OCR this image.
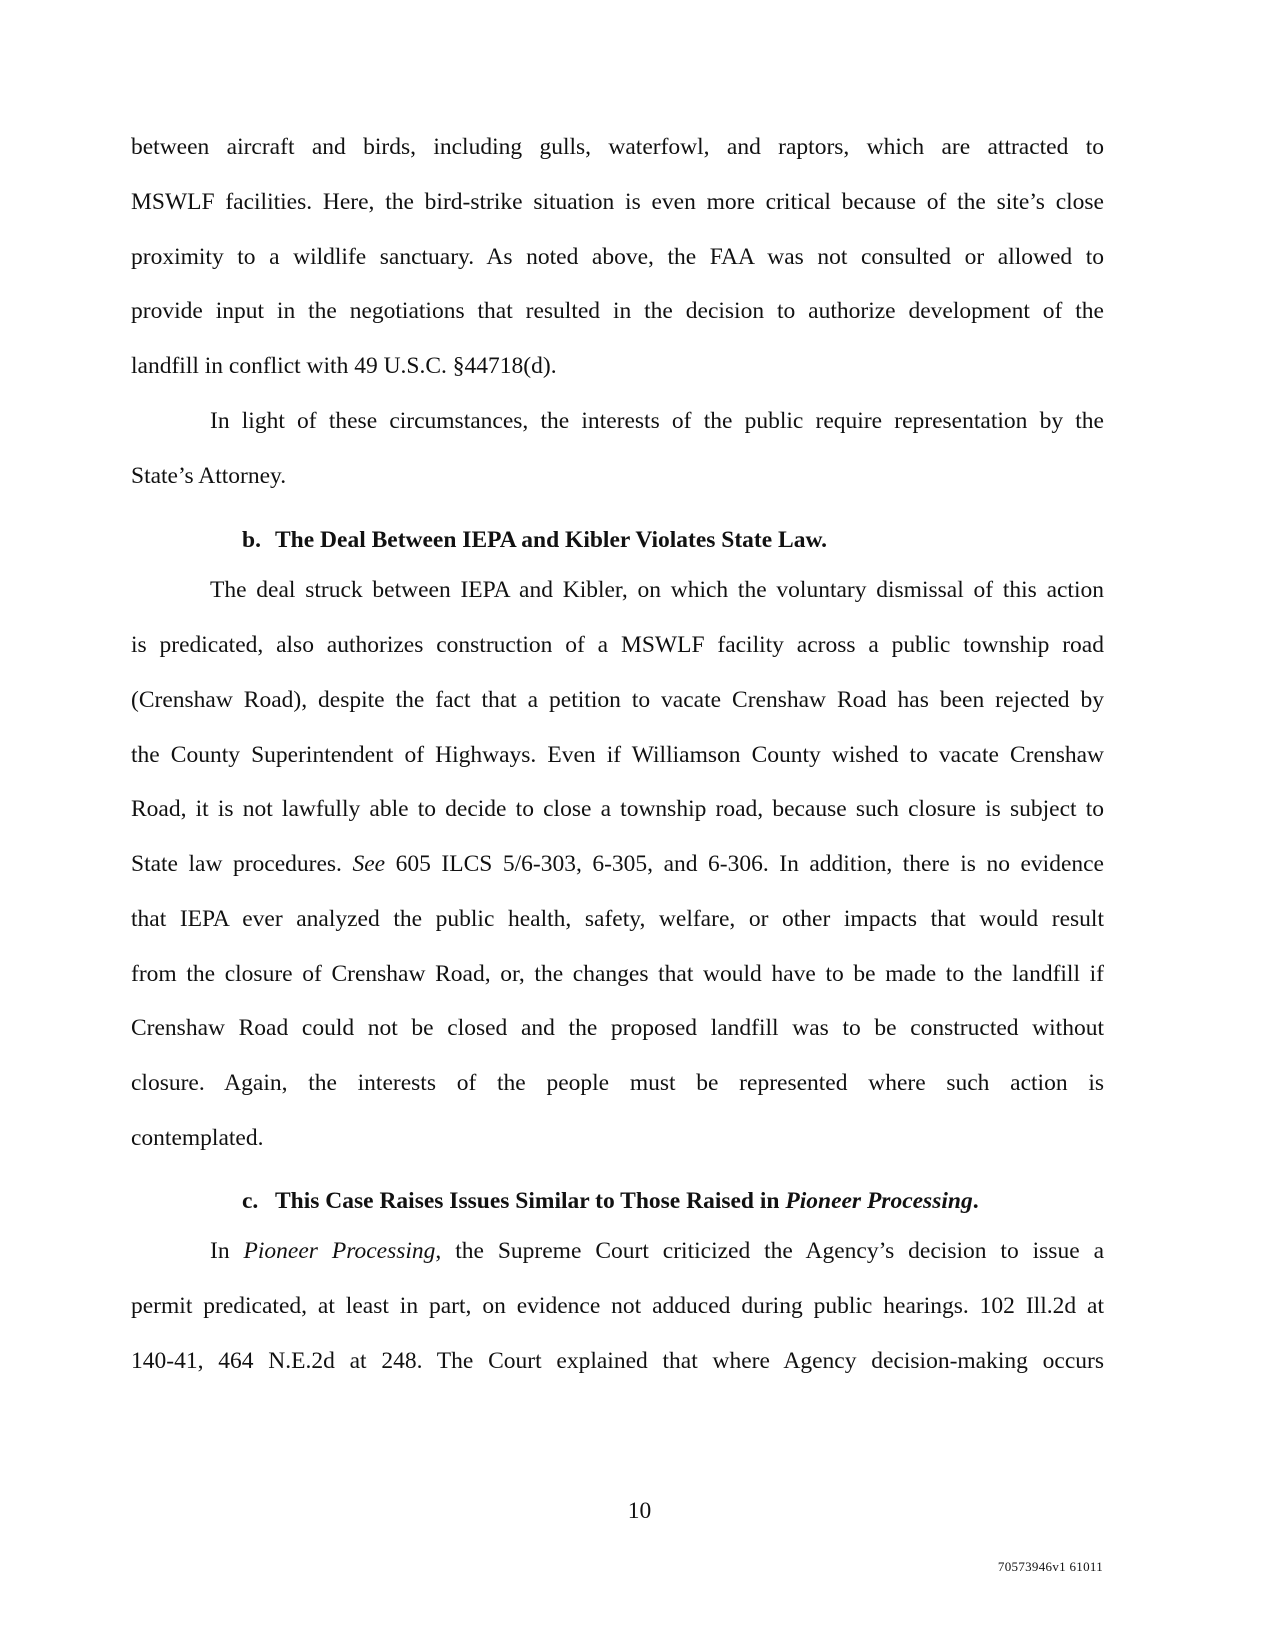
between aircraft and birds, including gulls, waterfowl, and raptors, which are attracted to
MSWLF facilities. Here, the bird-strike situation is even more critical because of the site’s close
proximity to a wildlife sanctuary. As noted above, the FAA was not consulted or allowed to
provide input in the negotiations that resulted in the decision to authorize development of the
landfill in conflict with 49 U.S.C. §44718(d).
In light of these circumstances, the interests of the public require representation by the
State’s Attorney.
b. The Deal Between IEPA and Kibler Violates State Law.
The deal struck between IEPA and Kibler, on which the voluntary dismissal of this action
is predicated, also authorizes construction of a MSWLF facility across a public township road
(Crenshaw Road), despite the fact that a petition to vacate Crenshaw Road has been rejected by
the County Superintendent of Highways. Even if Williamson County wished to vacate Crenshaw
Road, it is not lawfully able to decide to close a township road, because such closure is subject to
State law procedures. See 605 ILCS 5/6-303, 6-305, and 6-306. In addition, there is no evidence
that IEPA ever analyzed the public health, safety, welfare, or other impacts that would result
from the closure of Crenshaw Road, or, the changes that would have to be made to the landfill if
Crenshaw Road could not be closed and the proposed landfill was to be constructed without
closure. Again, the interests of the people must be represented where such action is
contemplated.
c. This Case Raises Issues Similar to Those Raised in Pioneer Processing.
In Pioneer Processing, the Supreme Court criticized the Agency’s decision to issue a
permit predicated, at least in part, on evidence not adduced during public hearings. 102 Ill.2d at
140-41, 464 N.E.2d at 248. The Court explained that where Agency decision-making occurs
10
70573946v1 61011
